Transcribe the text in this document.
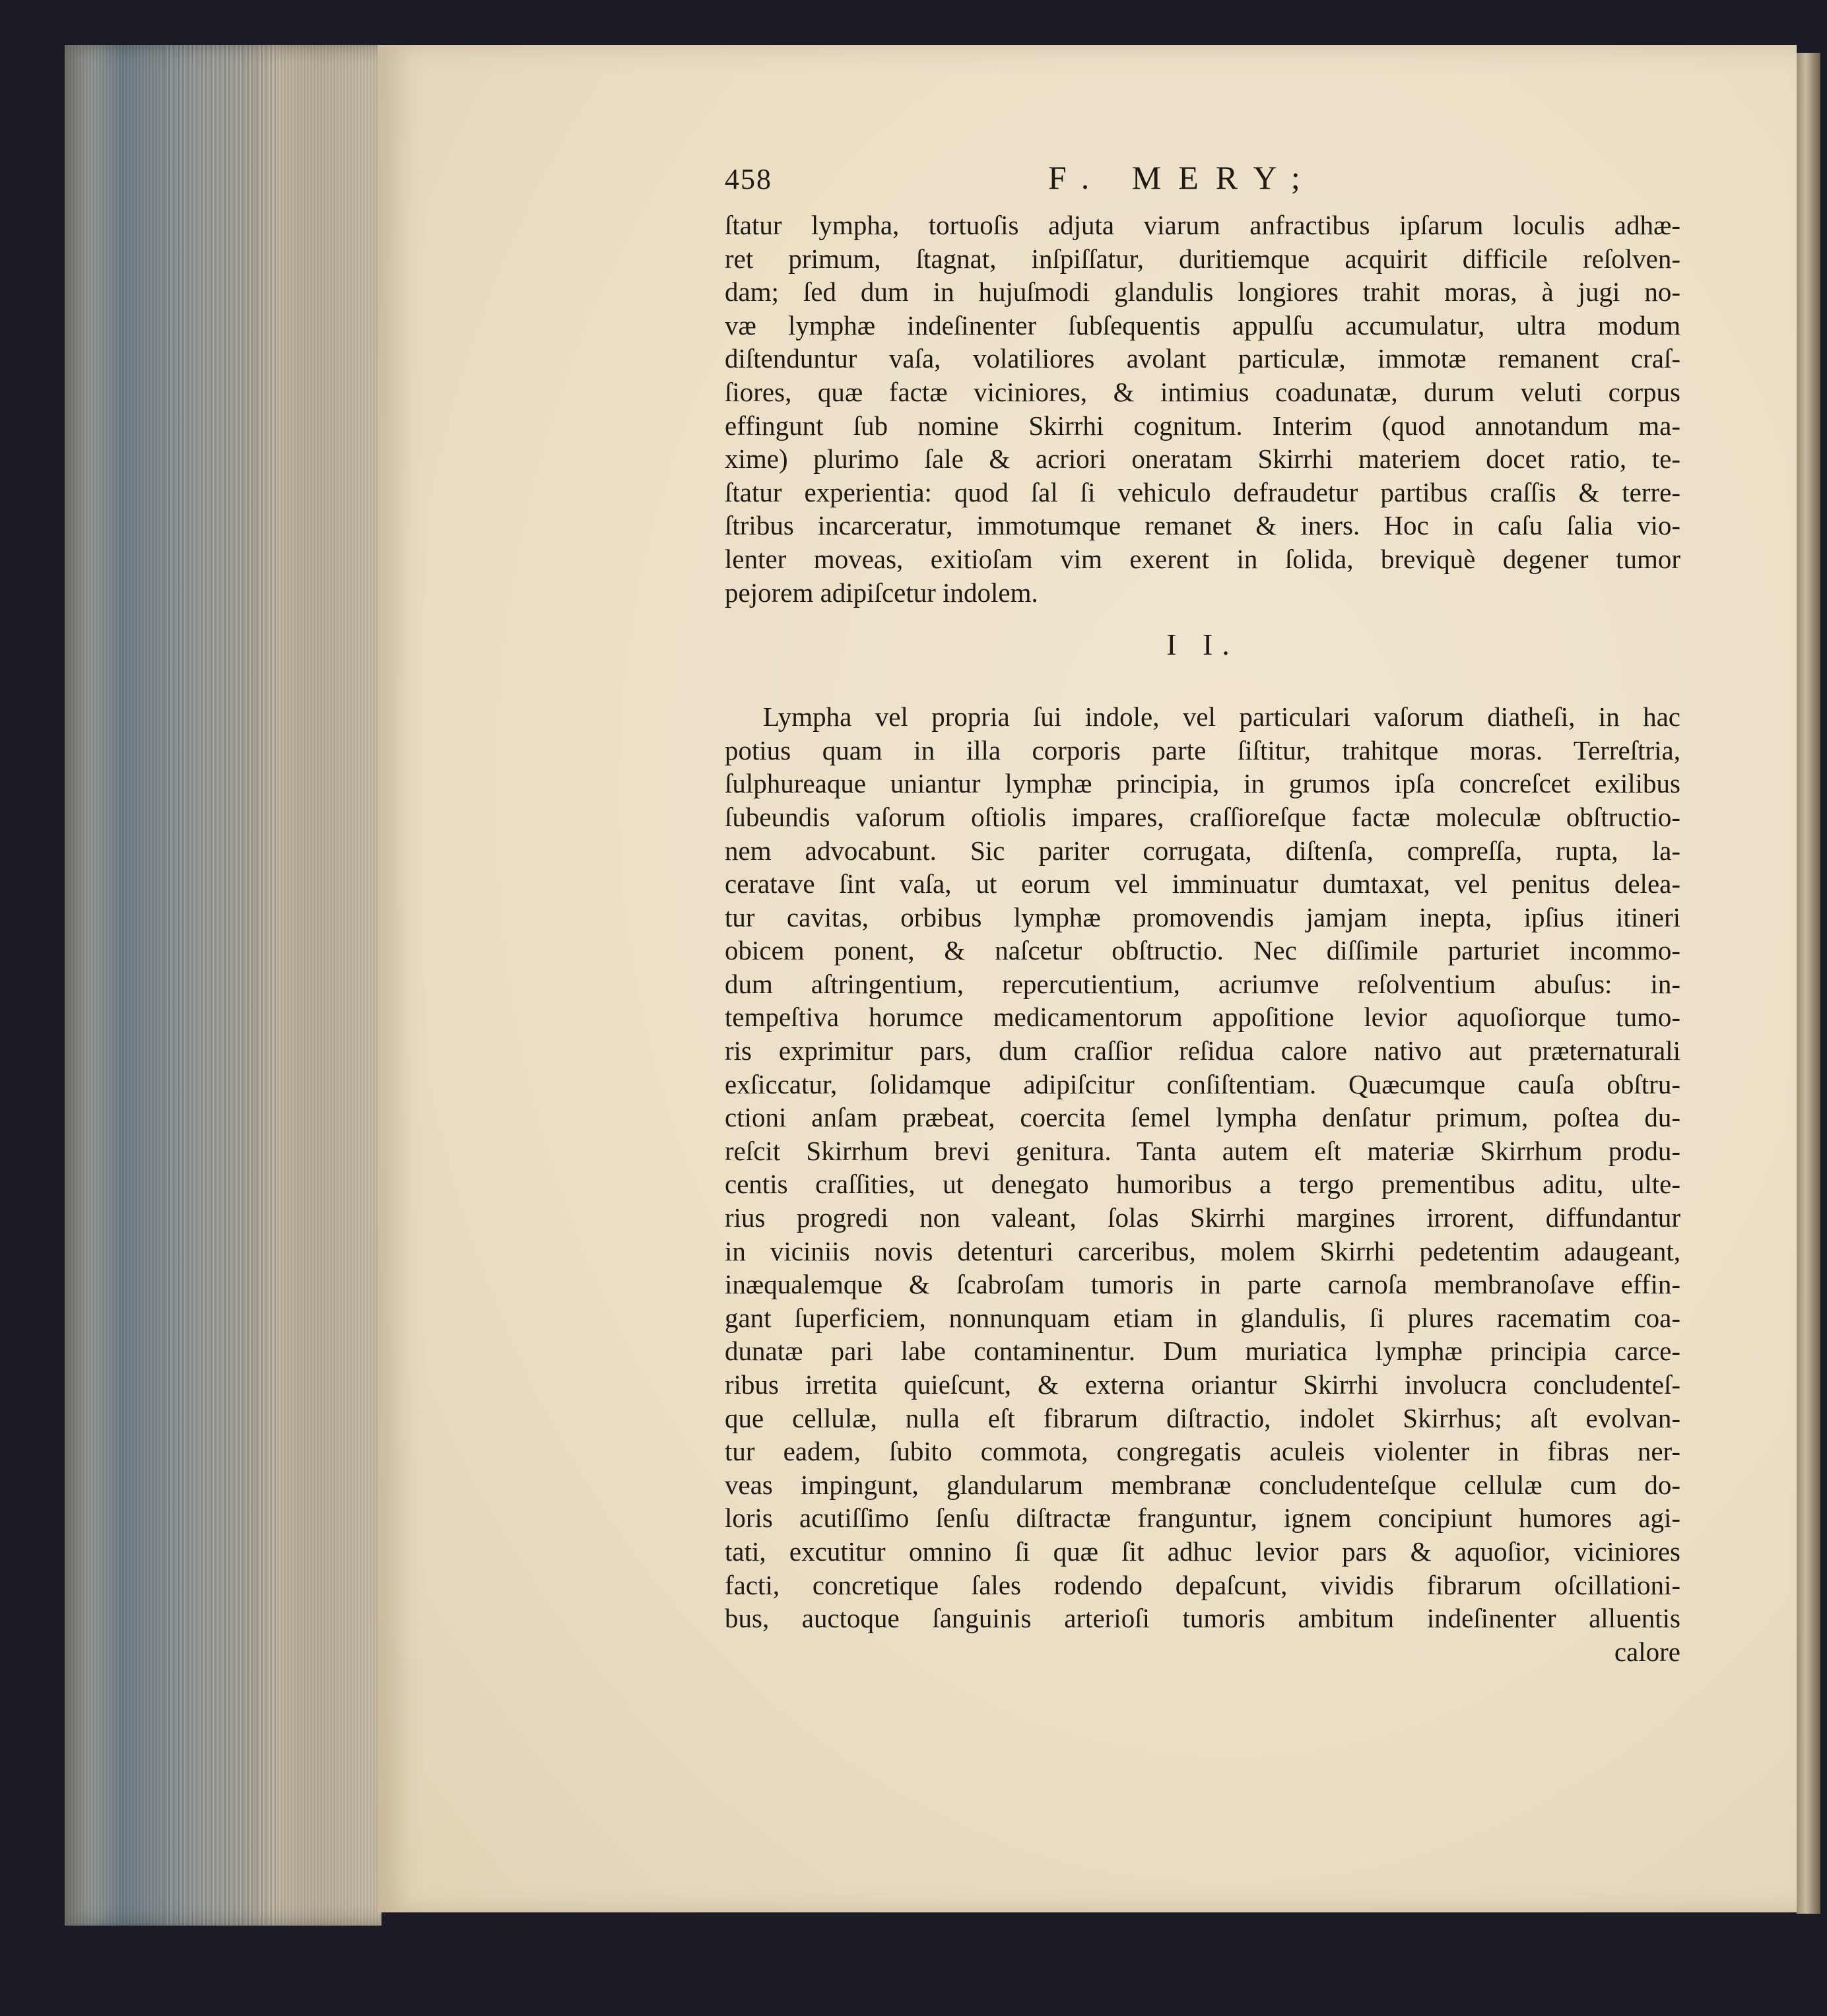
458	F. MERY;
ſtatur lympha, tortuoſis adjuta viarum anfractibus ipſarum loculis adhæ-
ret primum, ſtagnat, inſpiſſatur, duritiemque acquirit difficile reſolven-
dam; ſed dum in hujuſmodi glandulis longiores trahit moras, à jugi no-
væ lymphæ indeſinenter ſubſequentis appulſu accumulatur, ultra modum
diſtenduntur vaſa, volatiliores avolant particulæ, immotæ remanent craſ-
ſiores, quæ factæ viciniores, & intimius coadunatæ, durum veluti corpus
effingunt ſub nomine Skirrhi cognitum. Interim (quod annotandum ma-
xime) plurimo ſale & acriori oneratam Skirrhi materiem docet ratio, te-
ſtatur experientia: quod ſal ſi vehiculo defraudetur partibus craſſis & terre-
ſtribus incarceratur, immotumque remanet & iners. Hoc in caſu ſalia vio-
lenter moveas, exitioſam vim exerent in ſolida, breviquè degener tumor
pejorem adipiſcetur indolem.
I I.
Lympha vel propria ſui indole, vel particulari vaſorum diatheſi, in hac
potius quam in illa corporis parte ſiſtitur, trahitque moras. Terreſtria,
ſulphureaque uniantur lymphæ principia, in grumos ipſa concreſcet exilibus
ſubeundis vaſorum oſtiolis impares, craſſioreſque factæ moleculæ obſtructio-
nem advocabunt. Sic pariter corrugata, diſtenſa, compreſſa, rupta, la-
ceratave ſint vaſa, ut eorum vel imminuatur dumtaxat, vel penitus delea-
tur cavitas, orbibus lymphæ promovendis jamjam inepta, ipſius itineri
obicem ponent, & naſcetur obſtructio. Nec diſſimile parturiet incommo-
dum aſtringentium, repercutientium, acriumve reſolventium abuſus: in-
tempeſtiva horumce medicamentorum appoſitione levior aquoſiorque tumo-
ris exprimitur pars, dum craſſior reſidua calore nativo aut præternaturali
exſiccatur, ſolidamque adipiſcitur conſiſtentiam. Quæcumque cauſa obſtru-
ctioni anſam præbeat, coercita ſemel lympha denſatur primum, poſtea du-
reſcit Skirrhum brevi genitura. Tanta autem eſt materiæ Skirrhum produ-
centis craſſities, ut denegato humoribus a tergo prementibus aditu, ulte-
rius progredi non valeant, ſolas Skirrhi margines irrorent, diffundantur
in viciniis novis detenturi carceribus, molem Skirrhi pedetentim adaugeant,
inæqualemque & ſcabroſam tumoris in parte carnoſa membranoſave effin-
gant ſuperficiem, nonnunquam etiam in glandulis, ſi plures racematim coa-
dunatæ pari labe contaminentur. Dum muriatica lymphæ principia carce-
ribus irretita quieſcunt, & externa oriantur Skirrhi involucra concludenteſ-
que cellulæ, nulla eſt fibrarum diſtractio, indolet Skirrhus; aſt evolvan-
tur eadem, ſubito commota, congregatis aculeis violenter in fibras ner-
veas impingunt, glandularum membranæ concludenteſque cellulæ cum do-
loris acutiſſimo ſenſu diſtractæ franguntur, ignem concipiunt humores agi-
tati, excutitur omnino ſi quæ ſit adhuc levior pars & aquoſior, viciniores
facti, concretique ſales rodendo depaſcunt, vividis fibrarum oſcillationi-
bus, auctoque ſanguinis arterioſi tumoris ambitum indeſinenter alluentis
calore
